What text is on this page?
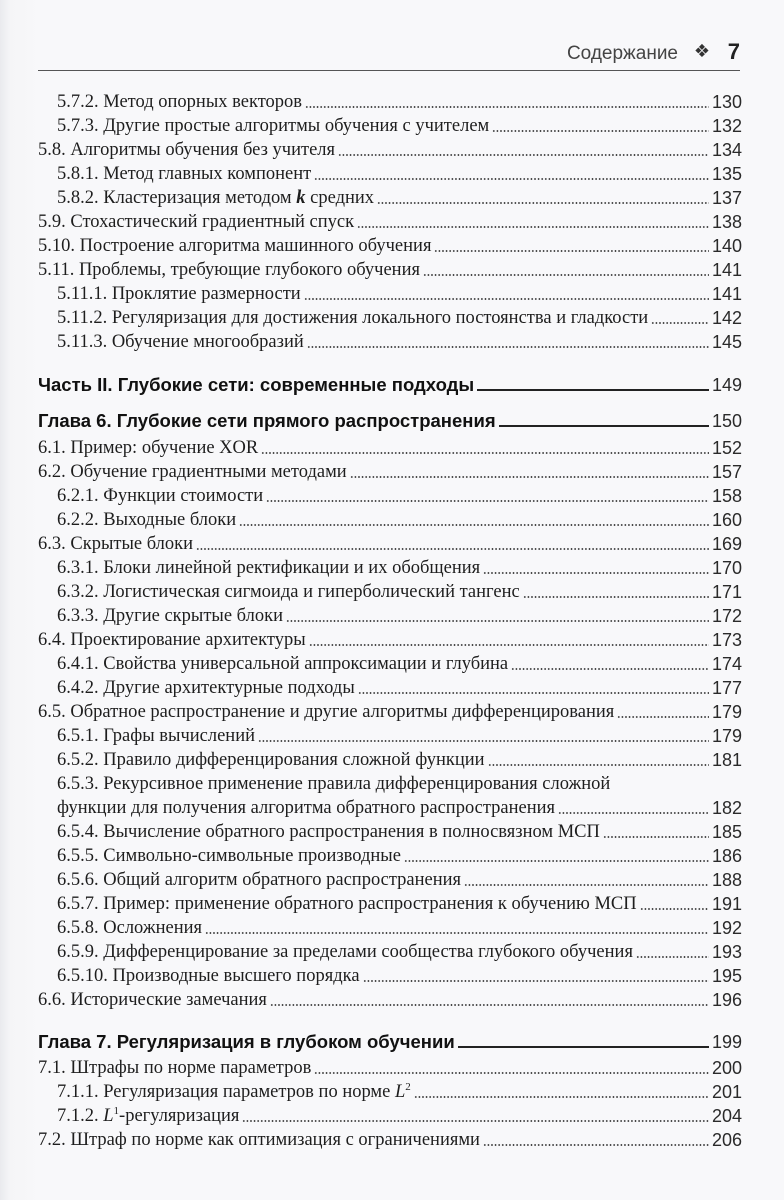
Содержание ❖ 7
5.7.2. Метод опорных векторов	130
5.7.3. Другие простые алгоритмы обучения с учителем	132
5.8. Алгоритмы обучения без учителя	134
5.8.1. Метод главных компонент	135
5.8.2. Кластеризация методом k средних	137
5.9. Стохастический градиентный спуск	138
5.10. Построение алгоритма машинного обучения	140
5.11. Проблемы, требующие глубокого обучения	141
5.11.1. Проклятие размерности	141
5.11.2. Регуляризация для достижения локального постоянства и гладкости	142
5.11.3. Обучение многообразий	145
Часть II. Глубокие сети: современные подходы	149
Глава 6. Глубокие сети прямого распространения	150
6.1. Пример: обучение XOR	152
6.2. Обучение градиентными методами	157
6.2.1. Функции стоимости	158
6.2.2. Выходные блоки	160
6.3. Скрытые блоки	169
6.3.1. Блоки линейной ректификации и их обобщения	170
6.3.2. Логистическая сигмоида и гиперболический тангенс	171
6.3.3. Другие скрытые блоки	172
6.4. Проектирование архитектуры	173
6.4.1. Свойства универсальной аппроксимации и глубина	174
6.4.2. Другие архитектурные подходы	177
6.5. Обратное распространение и другие алгоритмы дифференцирования	179
6.5.1. Графы вычислений	179
6.5.2. Правило дифференцирования сложной функции	181
6.5.3. Рекурсивное применение правила дифференцирования сложной
функции для получения алгоритма обратного распространения	182
6.5.4. Вычисление обратного распространения в полносвязном МСП	185
6.5.5. Символьно-символьные производные	186
6.5.6. Общий алгоритм обратного распространения	188
6.5.7. Пример: применение обратного распространения к обучению МСП	191
6.5.8. Осложнения	192
6.5.9. Дифференцирование за пределами сообщества глубокого обучения	193
6.5.10. Производные высшего порядка	195
6.6. Исторические замечания	196
Глава 7. Регуляризация в глубоком обучении	199
7.1. Штрафы по норме параметров	200
7.1.1. Регуляризация параметров по норме $L^2$	201
7.1.2. $L^1$-регуляризация	204
7.2. Штраф по норме как оптимизация с ограничениями	206
